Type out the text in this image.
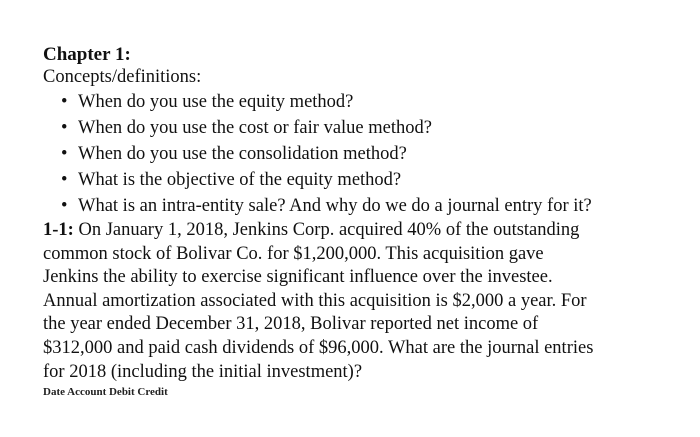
Chapter 1:

Concepts/definitions:

• When do you use the equity method?
• When do you use the cost or fair value method?
• When do you use the consolidation method?
• What is the objective of the equity method?
• What is an intra-entity sale? And why do we do a journal entry for it?

1-1: On January 1, 2018, Jenkins Corp. acquired 40% of the outstanding
common stock of Bolivar Co. for $1,200,000. This acquisition gave
Jenkins the ability to exercise significant influence over the investee.
Annual amortization associated with this acquisition is $2,000 a year. For
the year ended December 31, 2018, Bolivar reported net income of
$312,000 and paid cash dividends of $96,000. What are the journal entries
for 2018 (including the initial investment)?

Date Account Debit Credit
